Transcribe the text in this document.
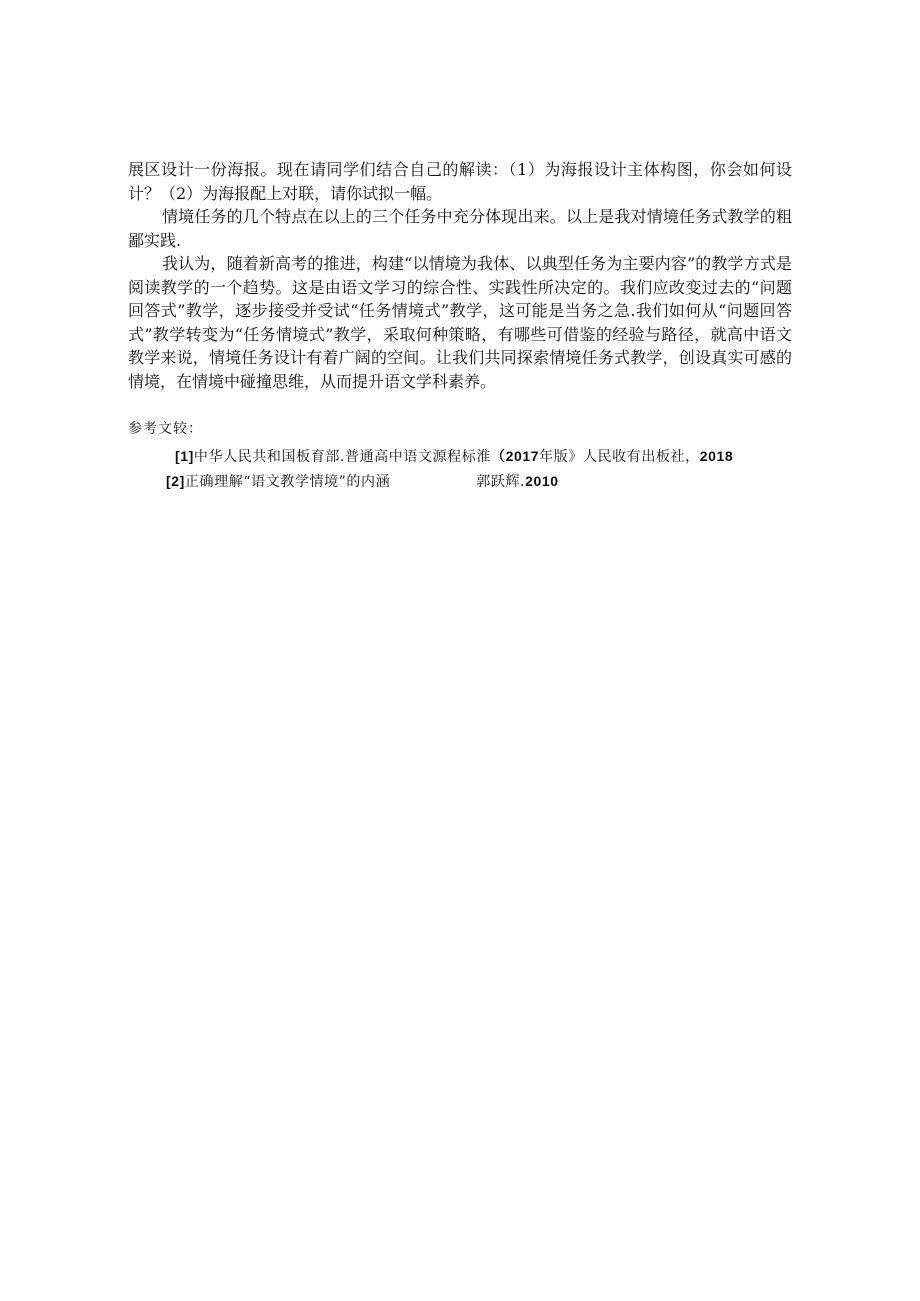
展区设计一份海报。现在请同学们结合自己的解读：（1）为海报设计主体构图，你会如何设计？（2）为海报配上对联，请你试拟一幅。

情境任务的几个特点在以上的三个任务中充分体现出来。以上是我对情境任务式教学的粗鄙实践.

我认为，随着新高考的推进，构建“以情境为我体、以典型任务为主要内容”的教学方式是阅读教学的一个趋势。这是由语文学习的综合性、实践性所决定的。我们应改变过去的“问题回答式”教学，逐步接受并受试“任务情境式”教学，这可能是当务之急.我们如何从“问题回答式”教学转变为“任务情境式”教学，采取何种策略，有哪些可借鉴的经验与路径，就高中语文教学来说，情境任务设计有着广阔的空间。让我们共同探索情境任务式教学，创设真实可感的情境，在情境中碰撞思维，从而提升语文学科素养。

参考文较：
[1] 中华人民共和国板育部.普通高中语文源程标淮 （2017 年版》人民收有出板社， 2018
[2] 正确理解“语文教学情境”的内涵	郭跃辉. 2010
